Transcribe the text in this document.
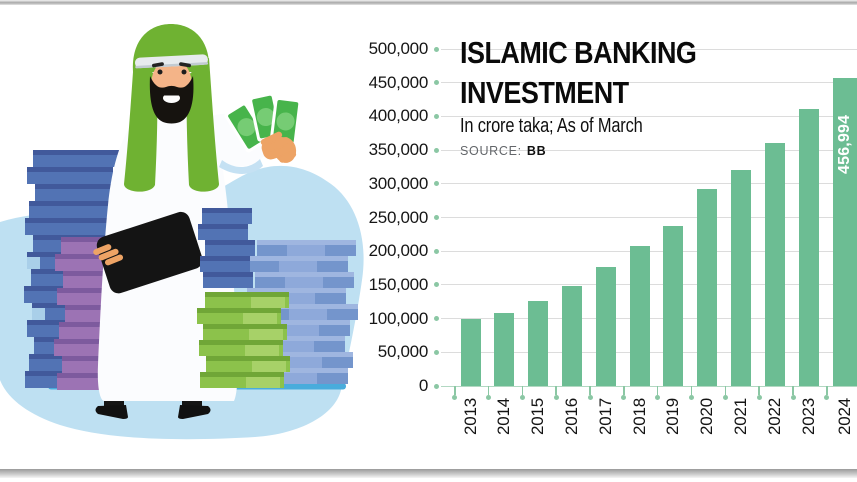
ISLAMIC BANKING
INVESTMENT
In crore taka; As of March
SOURCE: BB
0
50,000
100,000
150,000
200,000
250,000
300,000
350,000
400,000
450,000
500,000
2013 2014 2015 2016 2017 2018 2019 2020 2021 2022 2023 2024
456,994
